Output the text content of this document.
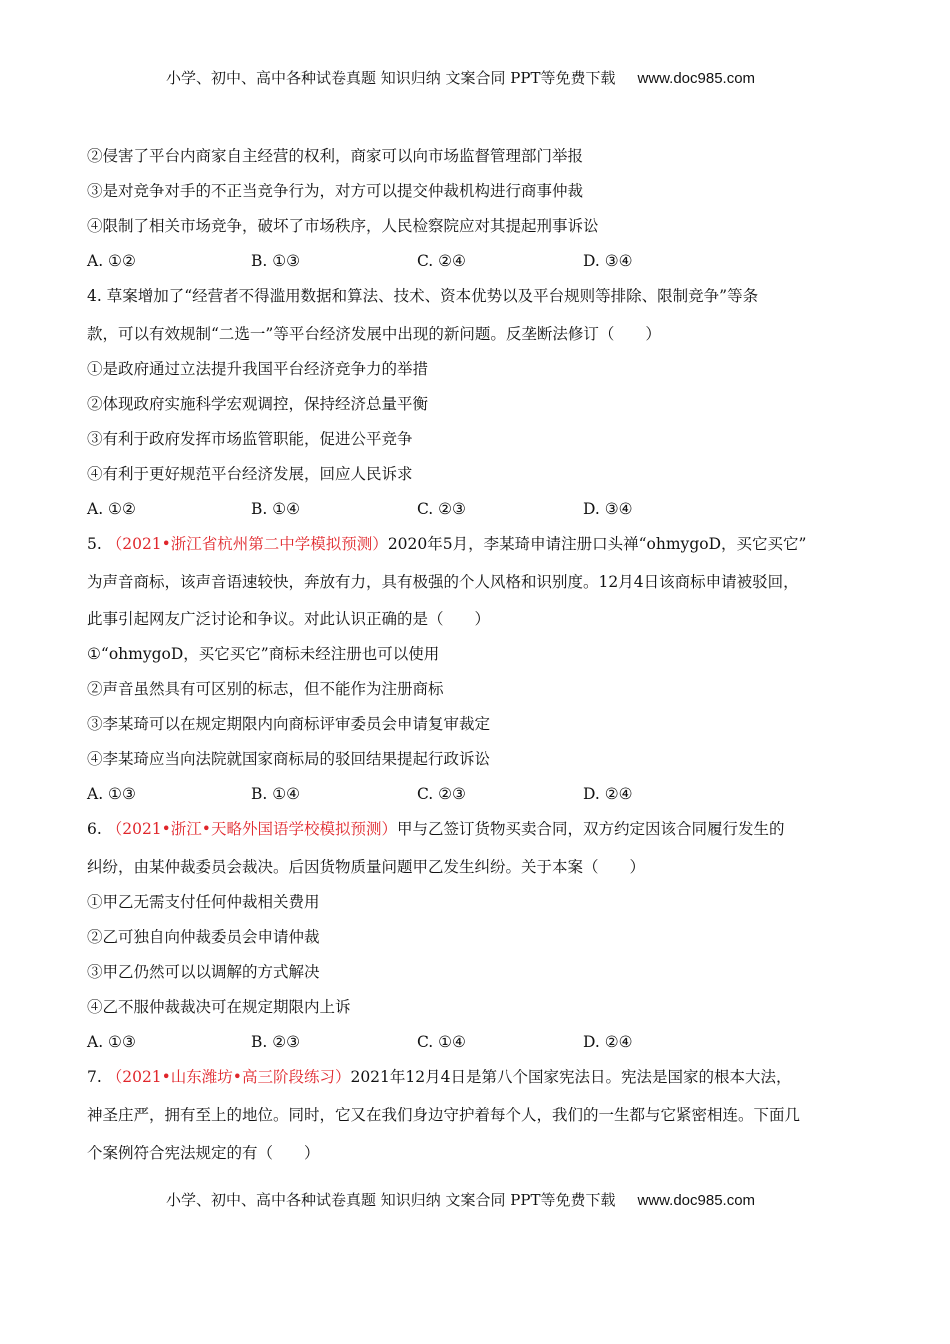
小学、初中、高中各种试卷真题 知识归纳 文案合同 PPT等免费下载 www.doc985.com
②侵害了平台内商家自主经营的权利，商家可以向市场监督管理部门举报
③是对竞争对手的不正当竞争行为，对方可以提交仲裁机构进行商事仲裁
④限制了相关市场竞争，破坏了市场秩序，人民检察院应对其提起刑事诉讼
A. ①②	B. ①③	C. ②④	D. ③④
4. 草案增加了“经营者不得滥用数据和算法、技术、资本优势以及平台规则等排除、限制竞争”等条
款，可以有效规制“二选一”等平台经济发展中出现的新问题。反垄断法修订（　　）
①是政府通过立法提升我国平台经济竞争力的举措
②体现政府实施科学宏观调控，保持经济总量平衡
③有利于政府发挥市场监管职能，促进公平竞争
④有利于更好规范平台经济发展，回应人民诉求
A. ①②	B. ①④	C. ②③	D. ③④
5. （2021•浙江省杭州第二中学模拟预测）2020年5月，李某琦申请注册口头禅“ohmygoD，买它买它”
为声音商标，该声音语速较快，奔放有力，具有极强的个人风格和识别度。12月4日该商标申请被驳回，
此事引起网友广泛讨论和争议。对此认识正确的是（　　）
①“ohmygoD，买它买它”商标未经注册也可以使用
②声音虽然具有可区别的标志，但不能作为注册商标
③李某琦可以在规定期限内向商标评审委员会申请复审裁定
④李某琦应当向法院就国家商标局的驳回结果提起行政诉讼
A. ①③	B. ①④	C. ②③	D. ②④
6. （2021•浙江•天略外国语学校模拟预测）甲与乙签订货物买卖合同，双方约定因该合同履行发生的
纠纷，由某仲裁委员会裁决。后因货物质量问题甲乙发生纠纷。关于本案（　　）
①甲乙无需支付任何仲裁相关费用
②乙可独自向仲裁委员会申请仲裁
③甲乙仍然可以以调解的方式解决
④乙不服仲裁裁决可在规定期限内上诉
A. ①③	B. ②③	C. ①④	D. ②④
7. （2021•山东潍坊•高三阶段练习）2021年12月4日是第八个国家宪法日。宪法是国家的根本大法，
神圣庄严，拥有至上的地位。同时，它又在我们身边守护着每个人，我们的一生都与它紧密相连。下面几
个案例符合宪法规定的有（　　）
小学、初中、高中各种试卷真题 知识归纳 文案合同 PPT等免费下载 www.doc985.com
